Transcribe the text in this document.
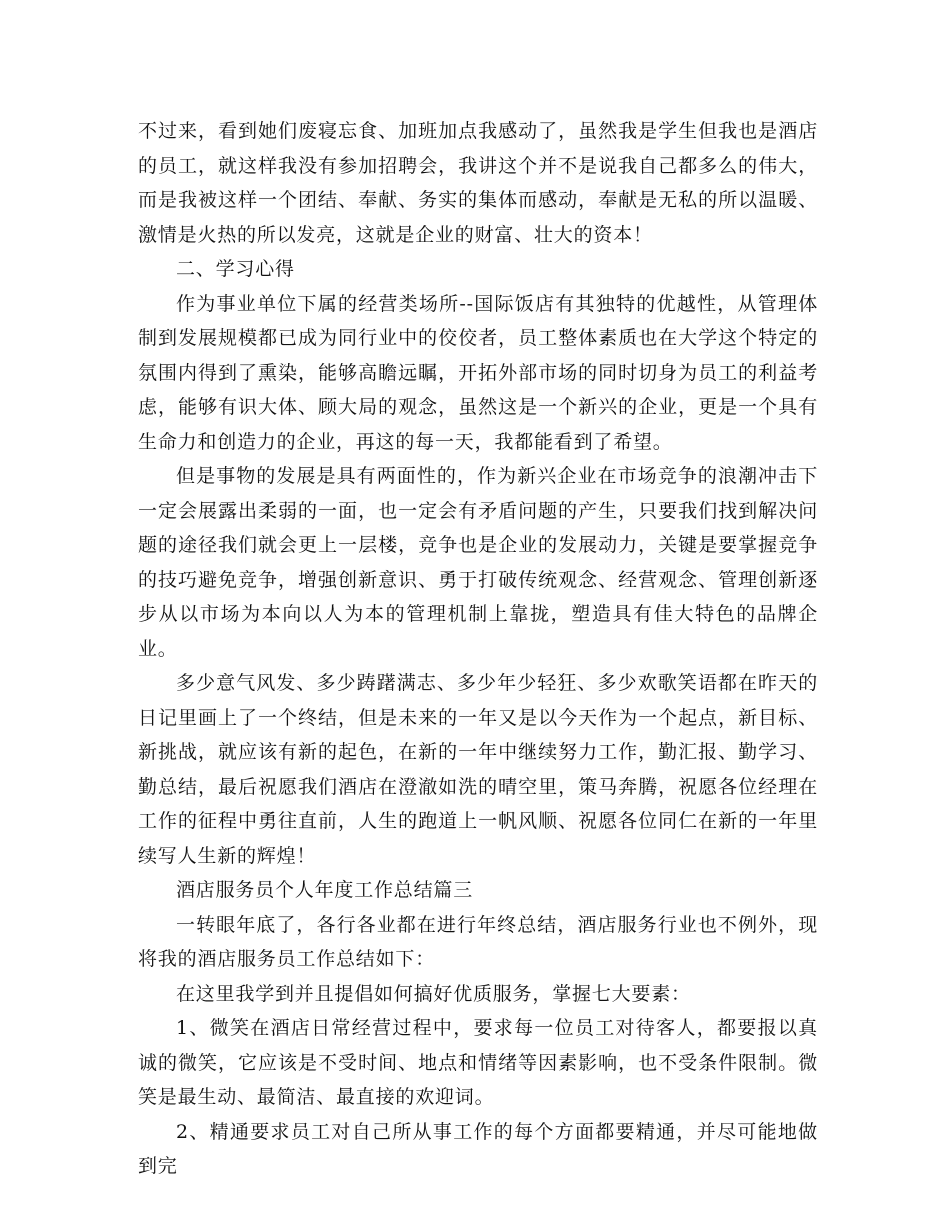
不过来，看到她们废寝忘食、加班加点我感动了，虽然我是学生但我也是酒店的员工，就这样我没有参加招聘会，我讲这个并不是说我自己都多么的伟大，而是我被这样一个团结、奉献、务实的集体而感动，奉献是无私的所以温暖、激情是火热的所以发亮，这就是企业的财富、壮大的资本！

二、学习心得

作为事业单位下属的经营类场所--国际饭店有其独特的优越性，从管理体制到发展规模都已成为同行业中的佼佼者，员工整体素质也在大学这个特定的氛围内得到了熏染，能够高瞻远瞩，开拓外部市场的同时切身为员工的利益考虑，能够有识大体、顾大局的观念，虽然这是一个新兴的企业，更是一个具有生命力和创造力的企业，再这的每一天，我都能看到了希望。

但是事物的发展是具有两面性的，作为新兴企业在市场竞争的浪潮冲击下一定会展露出柔弱的一面，也一定会有矛盾问题的产生，只要我们找到解决问题的途径我们就会更上一层楼，竞争也是企业的发展动力，关键是要掌握竞争的技巧避免竞争，增强创新意识、勇于打破传统观念、经营观念、管理创新逐步从以市场为本向以人为本的管理机制上靠拢，塑造具有佳大特色的品牌企业。

多少意气风发、多少踌躇满志、多少年少轻狂、多少欢歌笑语都在昨天的日记里画上了一个终结，但是未来的一年又是以今天作为一个起点，新目标、新挑战，就应该有新的起色，在新的一年中继续努力工作，勤汇报、勤学习、勤总结，最后祝愿我们酒店在澄澈如洗的晴空里，策马奔腾，祝愿各位经理在工作的征程中勇往直前，人生的跑道上一帆风顺、祝愿各位同仁在新的一年里续写人生新的辉煌！

酒店服务员个人年度工作总结篇三

一转眼年底了，各行各业都在进行年终总结，酒店服务行业也不例外，现将我的酒店服务员工作总结如下：

在这里我学到并且提倡如何搞好优质服务，掌握七大要素：

1、微笑在酒店日常经营过程中，要求每一位员工对待客人，都要报以真诚的微笑，它应该是不受时间、地点和情绪等因素影响，也不受条件限制。微笑是最生动、最简洁、最直接的欢迎词。

2、精通要求员工对自己所从事工作的每个方面都要精通，并尽可能地做到完
